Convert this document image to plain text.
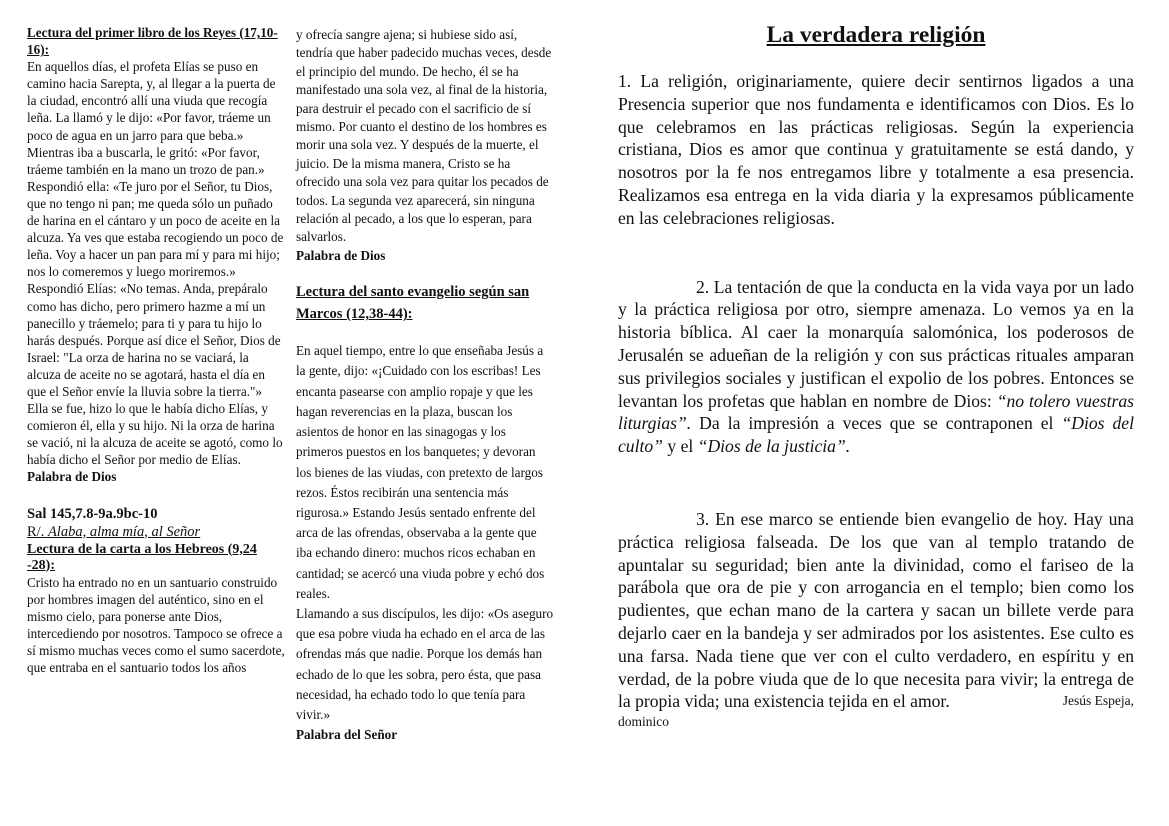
Lectura del primer libro de los Reyes (17,10-16):

En aquellos días, el profeta Elías se puso en camino hacia Sarepta, y, al llegar a la puerta de la ciudad, encontró allí una viuda que recogía leña. La llamó y le dijo: «Por favor, tráeme un poco de agua en un jarro para que beba.» Mientras iba a buscarla, le gritó: «Por favor, tráeme también en la mano un trozo de pan.» Respondió ella: «Te juro por el Señor, tu Dios, que no tengo ni pan; me queda sólo un puñado de harina en el cántaro y un poco de aceite en la alcuza. Ya ves que estaba recogiendo un poco de leña. Voy a hacer un pan para mí y para mi hijo; nos lo comeremos y luego moriremos.» Respondió Elías: «No temas. Anda, prepáralo como has dicho, pero primero hazme a mí un panecillo y tráemelo; para ti y para tu hijo lo harás después. Porque así dice el Señor, Dios de Israel: "La orza de harina no se vaciará, la alcuza de aceite no se agotará, hasta el día en que el Señor envíe la lluvia sobre la tierra."» Ella se fue, hizo lo que le había dicho Elías, y comieron él, ella y su hijo. Ni la orza de harina se vació, ni la alcuza de aceite se agotó, como lo había dicho el Señor por medio de Elías. Palabra de Dios

Sal 145,7.8-9a.9bc-10

R/. Alaba, alma mía, al Señor

Lectura de la carta a los Hebreos (9,24 -28):

Cristo ha entrado no en un santuario construido por hombres imagen del auténtico, sino en el mismo cielo, para ponerse ante Dios, intercediendo por nosotros. Tampoco se ofrece a sí mismo muchas veces como el sumo sacerdote, que entraba en el santuario todos los años

y ofrecía sangre ajena; si hubiese sido así, tendría que haber padecido muchas veces, desde el principio del mundo. De hecho, él se ha manifestado una sola vez, al final de la historia, para destruir el pecado con el sacrificio de sí mismo. Por cuanto el destino de los hombres es morir una sola vez. Y después de la muerte, el juicio. De la misma manera, Cristo se ha ofrecido una sola vez para quitar los pecados de todos. La segunda vez aparecerá, sin ninguna relación al pecado, a los que lo esperan, para salvarlos.

Palabra de Dios

Lectura del santo evangelio según san Marcos (12,38-44):

En aquel tiempo, entre lo que enseñaba Jesús a la gente, dijo: «¡Cuidado con los escribas! Les encanta pasearse con amplio ropaje y que les hagan reverencias en la plaza, buscan los asientos de honor en las sinagogas y los primeros puestos en los banquetes; y devoran los bienes de las viudas, con pretexto de largos rezos. Éstos recibirán una sentencia más rigurosa.» Estando Jesús sentado enfrente del arca de las ofrendas, observaba a la gente que iba echando dinero: muchos ricos echaban en cantidad; se acercó una viuda pobre y echó dos reales.

Llamando a sus discípulos, les dijo: «Os aseguro que esa pobre viuda ha echado en el arca de las ofrendas más que nadie. Porque los demás han echado de lo que les sobra, pero ésta, que pasa necesidad, ha echado todo lo que tenía para vivir.»

Palabra del Señor

La verdadera religión

1. La religión, originariamente, quiere decir sentirnos ligados a una Presencia superior que nos fundamenta e identificamos con Dios. Es lo que celebramos en las prácticas religiosas. Según la experiencia cristiana, Dios es amor que continua y gratuitamente se está dando, y nosotros por la fe nos entregamos libre y totalmente a esa presencia. Realizamos esa entrega en la vida diaria y la expresamos públicamente en las celebraciones religiosas.

2. La tentación de que la conducta en la vida vaya por un lado y la práctica religiosa por otro, siempre amenaza. Lo vemos ya en la historia bíblica. Al caer la monarquía salomónica, los poderosos de Jerusalén se adueñan de la religión y con sus prácticas rituales amparan sus privilegios sociales y justifican el expolio de los pobres. Entonces se levantan los profetas que hablan en nombre de Dios: “no tolero vuestras liturgias”. Da la impresión a veces que se contraponen el “Dios del culto” y el “Dios de la justicia”.

3. En ese marco se entiende bien evangelio de hoy. Hay una práctica religiosa falseada. De los que van al templo tratando de apuntalar su seguridad; bien ante la divinidad, como el fariseo de la parábola que ora de pie y con arrogancia en el templo; bien como los pudientes, que echan mano de la cartera y sacan un billete verde para dejarlo caer en la bandeja y ser admirados por los asistentes. Ese culto es una farsa. Nada tiene que ver con el culto verdadero, en espíritu y en verdad, de la pobre viuda que de lo que necesita para vivir; la entrega de la propia vida; una existencia tejida en el amor.	Jesús Espeja,

dominico
